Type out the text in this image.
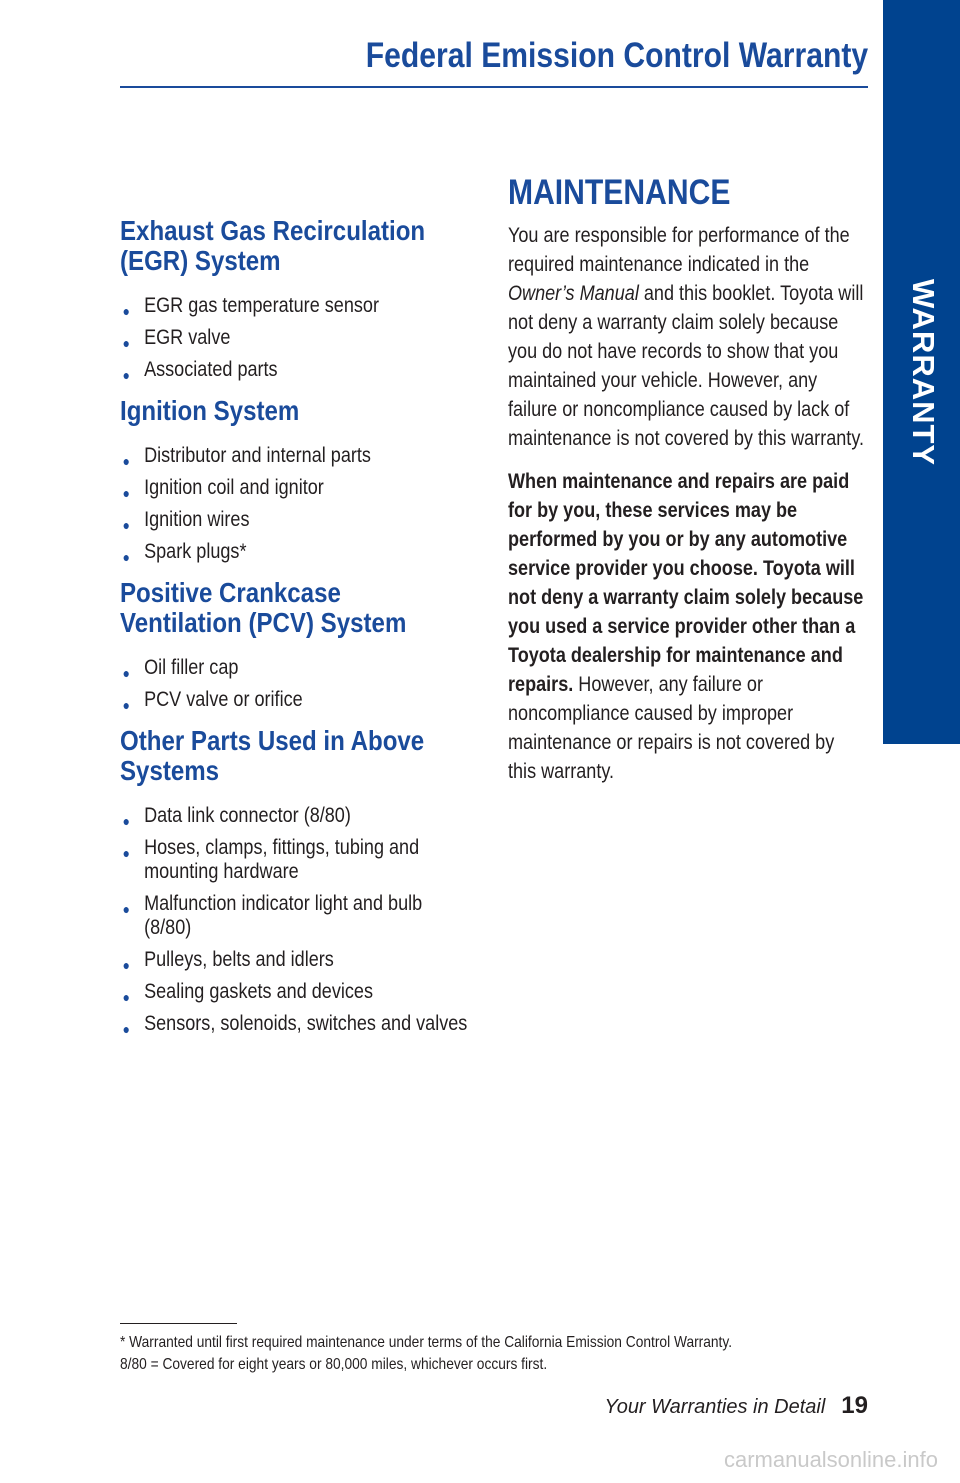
Federal Emission Control Warranty
WARRANTY
Exhaust Gas Recirculation (EGR) System
● EGR gas temperature sensor
● EGR valve
● Associated parts
Ignition System
● Distributor and internal parts
● Ignition coil and ignitor
● Ignition wires
● Spark plugs*
Positive Crankcase Ventilation (PCV) System
● Oil filler cap
● PCV valve or orifice
Other Parts Used in Above Systems
● Data link connector (8/80)
● Hoses, clamps, fittings, tubing and mounting hardware
● Malfunction indicator light and bulb (8/80)
● Pulleys, belts and idlers
● Sealing gaskets and devices
● Sensors, solenoids, switches and valves
MAINTENANCE

You are responsible for performance of the required maintenance indicated in the Owner’s Manual and this booklet. Toyota will not deny a warranty claim solely because you do not have records to show that you maintained your vehicle. However, any failure or noncompliance caused by lack of maintenance is not covered by this warranty.

When maintenance and repairs are paid for by you, these services may be performed by you or by any automotive service provider you choose. Toyota will not deny a warranty claim solely because you used a service provider other than a Toyota dealership for maintenance and repairs. However, any failure or noncompliance caused by improper maintenance or repairs is not covered by this warranty.

* Warranted until first required maintenance under terms of the California Emission Control Warranty.

8/80 = Covered for eight years or 80,000 miles, whichever occurs first.

Your Warranties in Detail 19
carmanualsonline.info
